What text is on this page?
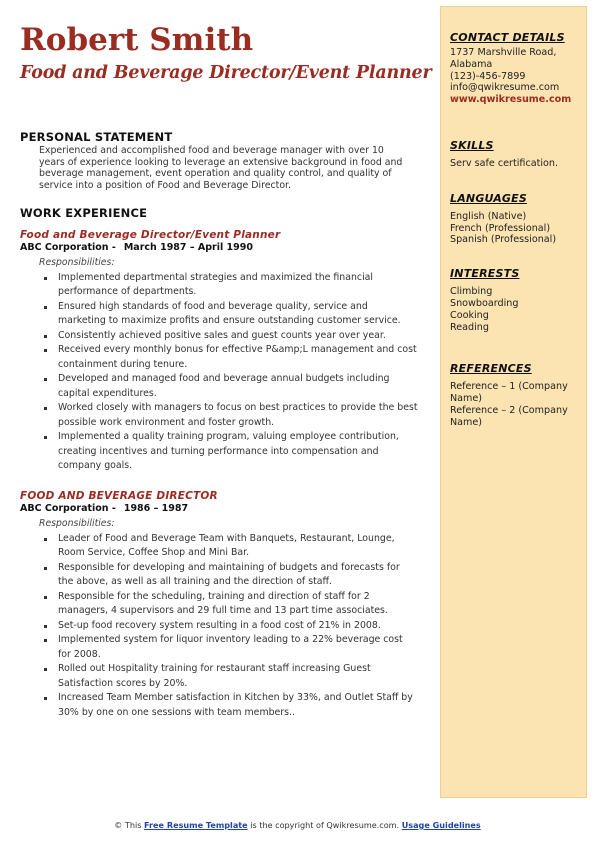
Robert Smith
Food and Beverage Director/Event Planner
PERSONAL STATEMENT

Experienced and accomplished food and beverage manager with over 10 years of experience looking to leverage an extensive background in food and beverage management, event operation and quality control, and quality of service into a position of Food and Beverage Director.

WORK EXPERIENCE

Food and Beverage Director/Event Planner

ABC Corporation - March 1987 – April 1990

Responsibilities:

Implemented departmental strategies and maximized the financial performance of departments.
Ensured high standards of food and beverage quality, service and marketing to maximize profits and ensure outstanding customer service.
Consistently achieved positive sales and guest counts year over year.
Received every monthly bonus for effective P&amp;L management and cost containment during tenure.
Developed and managed food and beverage annual budgets including capital expenditures.
Worked closely with managers to focus on best practices to provide the best possible work environment and foster growth.
Implemented a quality training program, valuing employee contribution, creating incentives and turning performance into compensation and company goals.

FOOD AND BEVERAGE DIRECTOR

ABC Corporation - 1986 – 1987

Responsibilities:

Leader of Food and Beverage Team with Banquets, Restaurant, Lounge, Room Service, Coffee Shop and Mini Bar.
Responsible for developing and maintaining of budgets and forecasts for the above, as well as all training and the direction of staff.
Responsible for the scheduling, training and direction of staff for 2 managers, 4 supervisors and 29 full time and 13 part time associates.
Set-up food recovery system resulting in a food cost of 21% in 2008.
Implemented system for liquor inventory leading to a 22% beverage cost for 2008.
Rolled out Hospitality training for restaurant staff increasing Guest Satisfaction scores by 20%.
Increased Team Member satisfaction in Kitchen by 33%, and Outlet Staff by 30% by one on one sessions with team members..
CONTACT DETAILS

1737 Marshville Road,

Alabama

(123)-456-7899

info@qwikresume.com

www.qwikresume.com

SKILLS

Serv safe certification.

LANGUAGES

English (Native)

French (Professional)

Spanish (Professional)

INTERESTS

Climbing

Snowboarding

Cooking

Reading

REFERENCES

Reference – 1 (Company Name)

Reference – 2 (Company Name)

© This Free Resume Template is the copyright of Qwikresume.com. Usage Guidelines
